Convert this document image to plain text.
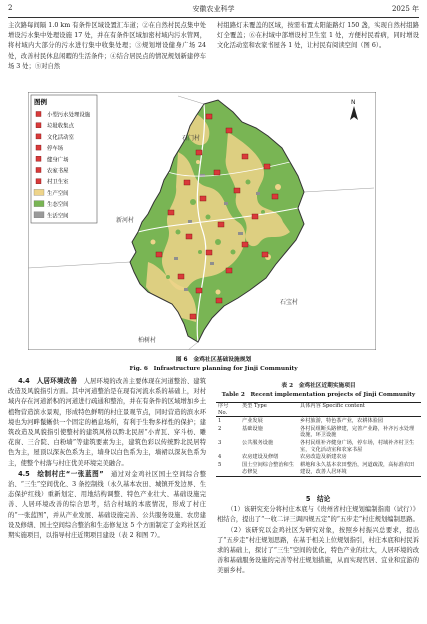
2	安徽农业科学	2025 年

主次路每间隔 1.0 km 有条件区域设置汇车道；②在自然村民点集中处增设污水集中处理设施 17 处，并在有条件区域加密村域内污水管网，将村域内大部分的污水进行集中收集处理；③规划增设健身广场 24 处，改善村民休息闲暇的生活条件；④结合居民点的情况规划新建停车场 3 处；⑤对自然

村组路灯未覆盖的区域，按需布置太阳能路灯 150 盏，实现自然村组路灯全覆盖；⑥在村域中部增设村卫生室 1 处，方便村民看病，同时增设文化活动室和农家书屋各 1 处，让村民有阅读空间（图 6）。

石门村
新河村
石宝村
柏树村
N
图例
小型污水处理设施
垃圾收集点
文化活动室
停车场
健身广场
农家书屋
村卫生室
生产空间
生态空间
生活空间
图 6　金鸡社区基础设施规划
Fig. 6　Infrastructure planning for Jinji Community

4.4　人居环境改善　 人居环境的改善主要体现在河道整治、建筑改造及风貌指引方面。其中河道整治是在现有河流水系的基础上，对村域内存在河道淤积的河道进行疏通和整治，并在有条件的区域增加乡土植物营造滨水景观，形成特色鲜明的村庄景观节点，同时营造的滨水环境也为河畔鬣蜥供一个固定的栖息场所，有利于生物多样性的保护；建筑改造及风貌指引使整村的建筑风格以黔北民居“小青瓦、穿斗枋、雕花窗、三合院、白粉墙”等建筑要素为主，建筑色彩以传统黔北民居特色为主，屋顶以深灰色系为主，墙身以白色系为主，墙裙以深灰色系为主，使整个村落与村庄优美环境完美融合。

4.5　绘制村庄“一张蓝图”　 通过对金鸡社区国土空间综合整治、“三生”空间优化、3 条控制线（永久基本农田、城镇开发边界、生态保护红线）重新划定、用地结构调整、特色产业壮大、基础设施完善、人居环境改善的综合思考，结合村域的本底情况，形成了村庄的“一张蓝图”，并从产业发展、基础设施完善、公共服务设施、农房建设及修缮、国土空间综合整治和生态修复这 5 个方面制定了金鸡社区近期实施项目，以指导村庄近期项目建设（表 2 和图 7）。

表 2　金鸡社区近期实施项目
Table 2　Recent implementation projects of Jinji Community
序号 No.	类型 Type	具体内容 Specific content

1	产业发展	乡村旅游，特色茶产业，农耕体验园
2	基础设施	各村民组断头路修建，完善产业路，补齐污水处理设施，环卫设施
3	公共服务设施	各村民组补齐健身广场，停车场，村域补齐村卫生室，文化活动室和农家书屋
4	农房建设及修缮	农房改造及新建农房
5	国土空间综合整治和生态修复	耕地和永久基本农田整治，河道疏浚，高标准农田建设，改善人居环境

5　结论

（1）该研究充分将村庄本底与《贵州省村庄规划编制指南（试行）》相结合，提出了“一收二评三调四规五定”的“五步走”村庄规划编制思路。

（2）该研究以金鸡社区为研究对象，按照乡村振兴总要求，提出了“五步走”村庄规划思路，在基于相关上位规划指引，村庄本底和村民诉求的基础上，探讨了“三生”空间的优化，特色产业的壮大，人居环境的改善和基础服务设施的完善等村庄规划措施，从而实现官居、宜业和宜游的美丽乡村。
